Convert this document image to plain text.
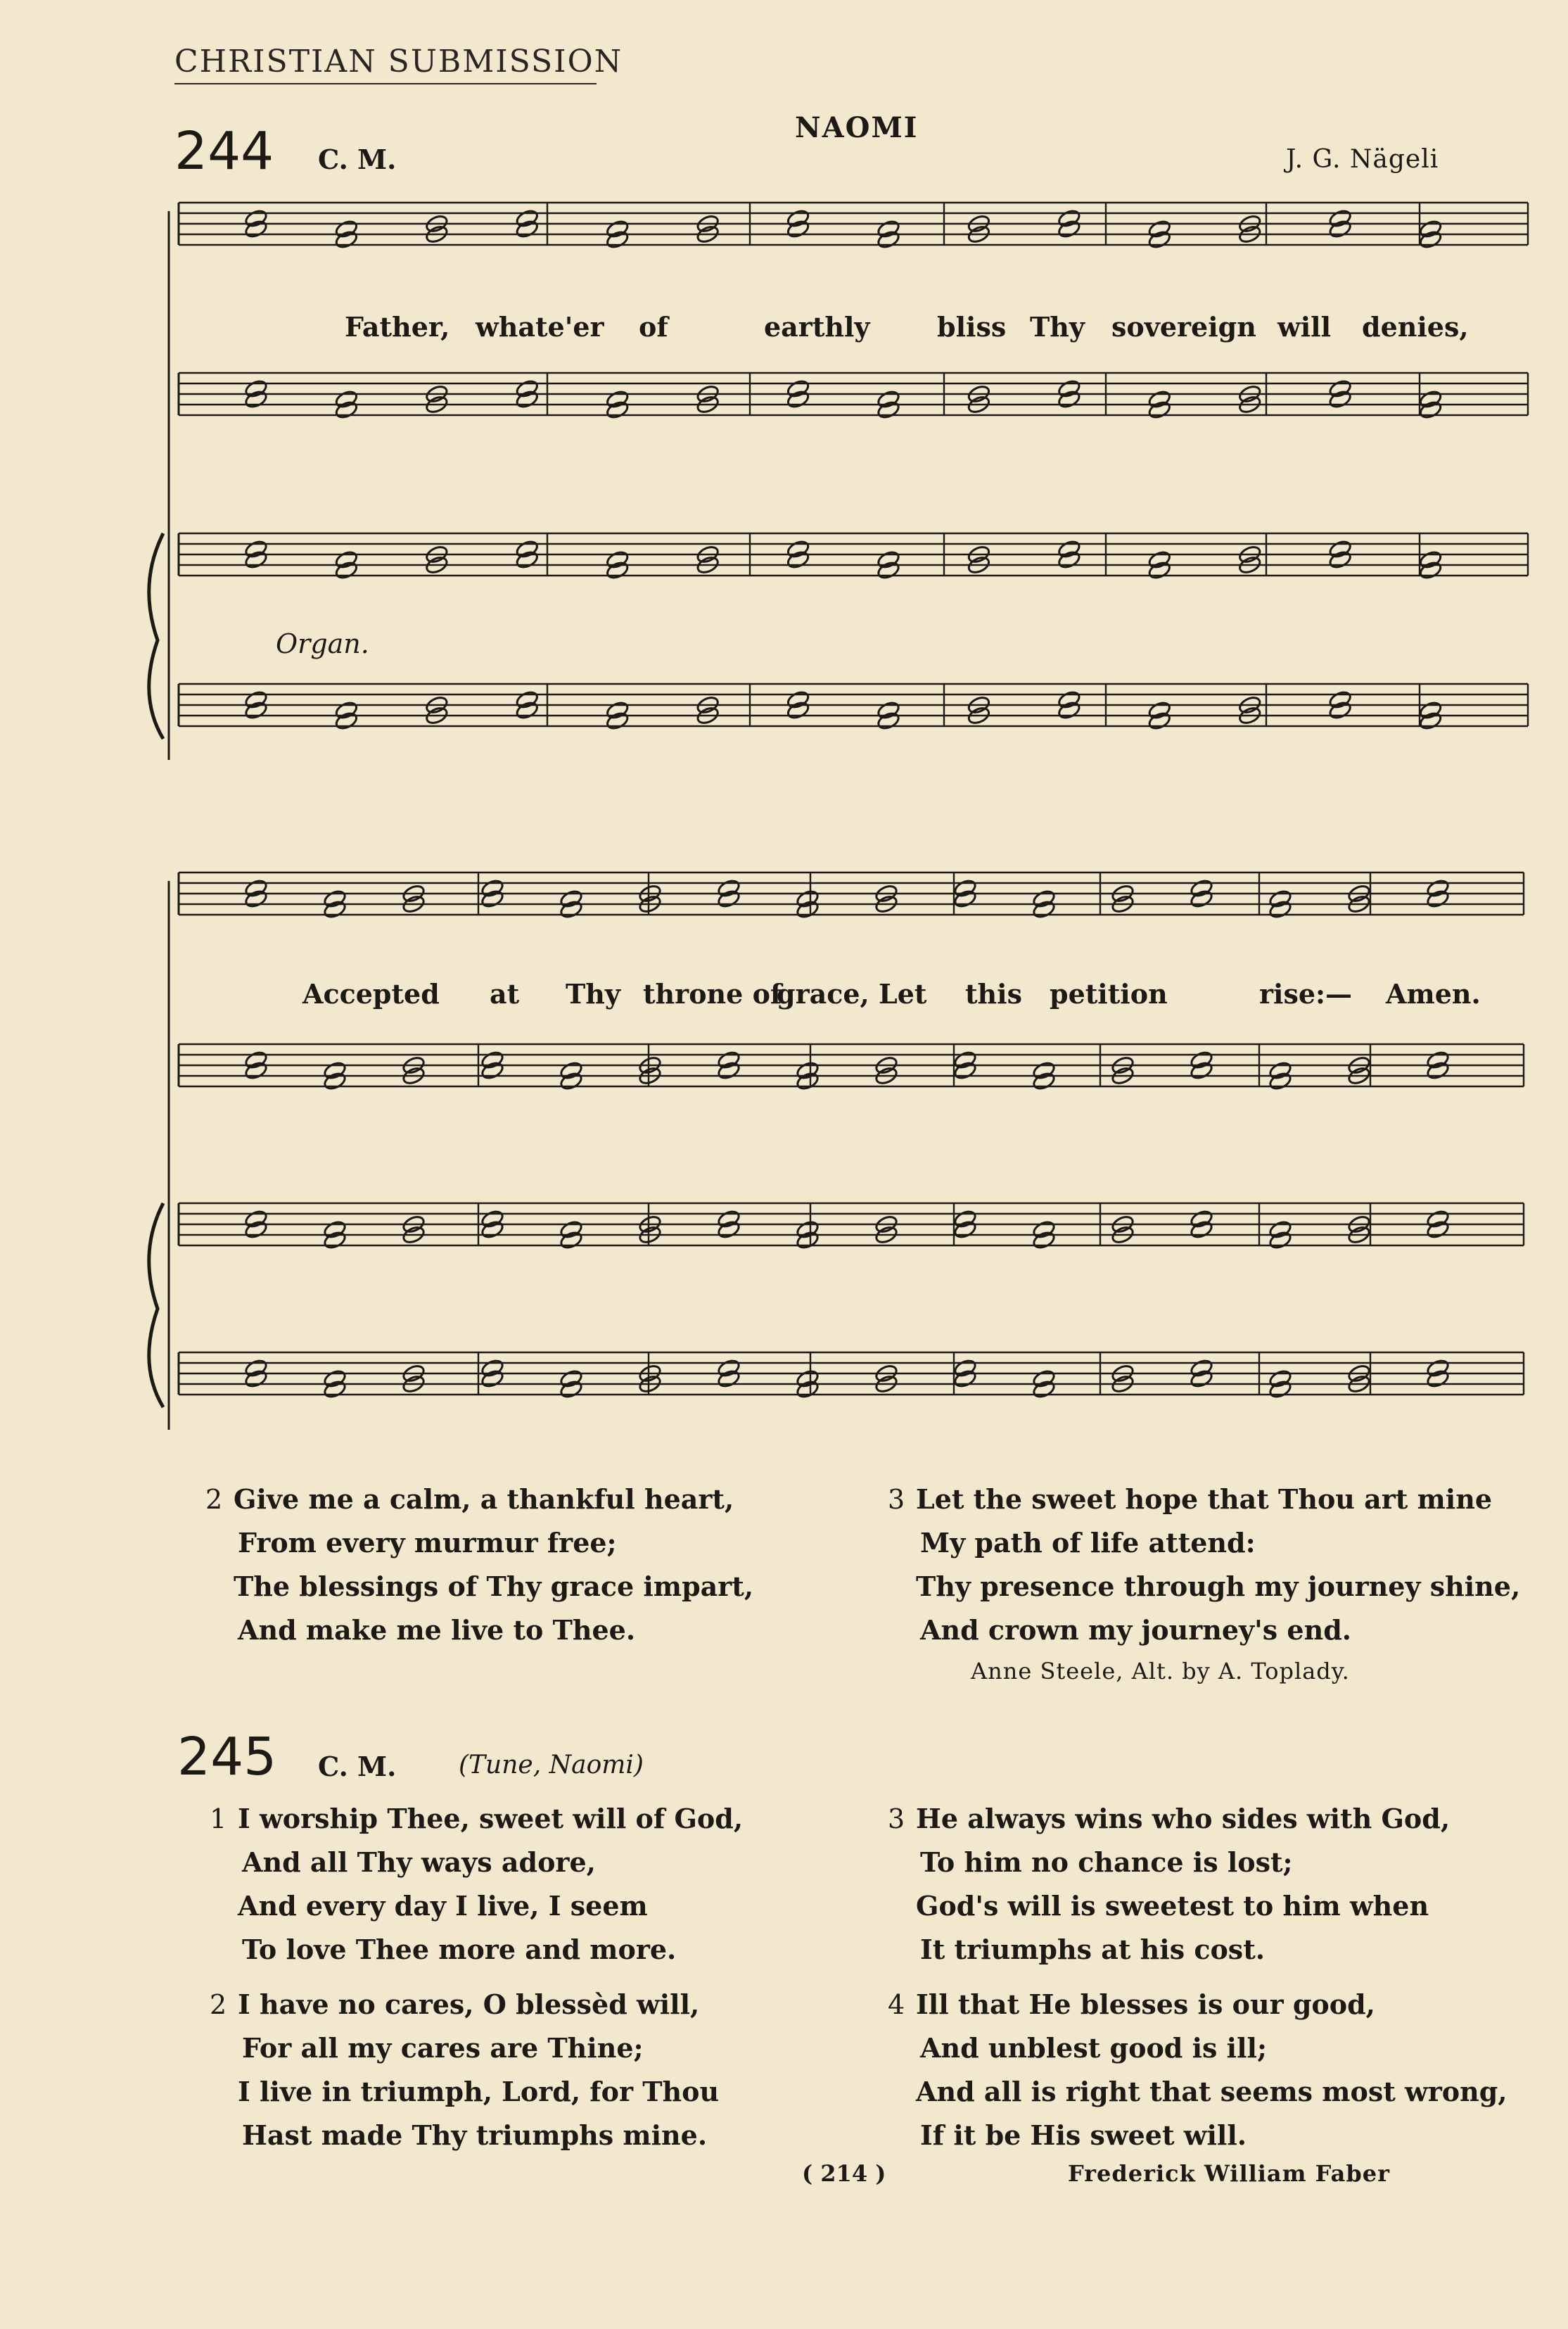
CHRISTIAN SUBMISSION
244 C. M.
NAOMI
J. G. Nägeli
Father, whate'er of	earthly	bliss Thy sovereign will denies,
Organ.
Accepted at Thy throne of
grace, Let this petition	rise:— Amen.
2 Give me a calm, a thankful heart,
From every murmur free;
The blessings of Thy grace impart,
And make me live to Thee.
3 Let the sweet hope that Thou art mine
My path of life attend:
Thy presence through my journey shine,
And crown my journey's end.
Anne Steele, Alt. by A. Toplady.
245 C. M. (Tune, Naomi)
1 I worship Thee, sweet will of God,
And all Thy ways adore,
And every day I live, I seem
To love Thee more and more.
2 I have no cares, O blessèd will,
For all my cares are Thine;
I live in triumph, Lord, for Thou
Hast made Thy triumphs mine.
3 He always wins who sides with God,
To him no chance is lost;
God's will is sweetest to him when
It triumphs at his cost.
4 Ill that He blesses is our good,
And unblest good is ill;
And all is right that seems most wrong,
If it be His sweet will.
( 214 )	Frederick William Faber
